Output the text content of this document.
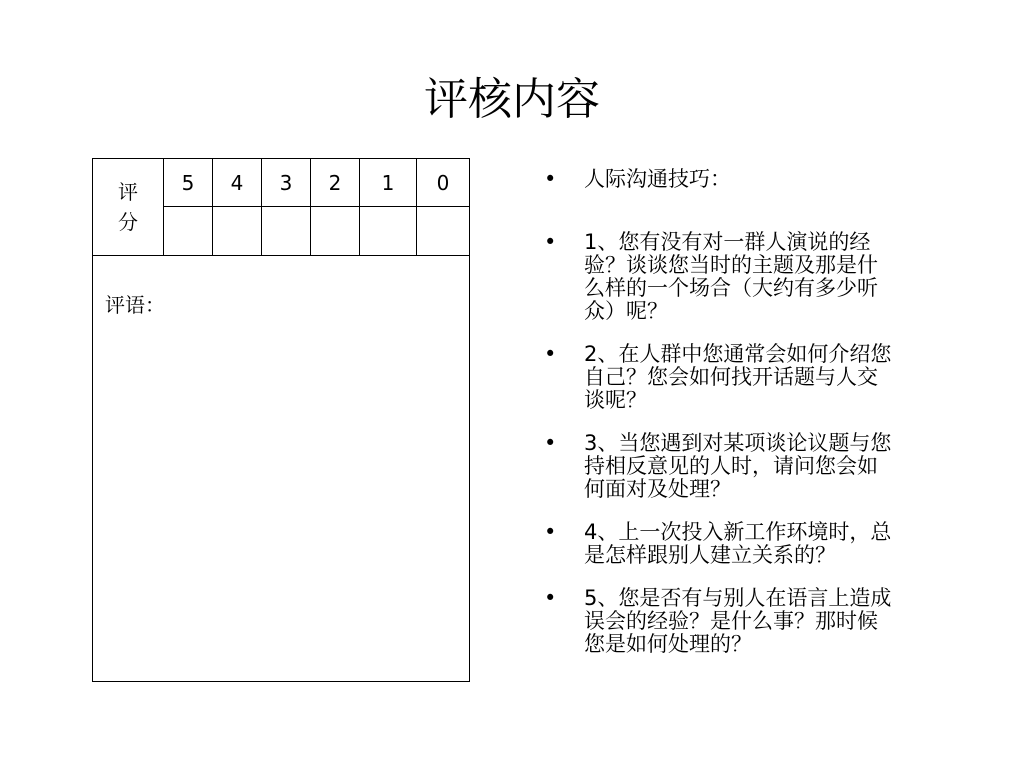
评核内容
评
分	5	4	3	2	1	0

评语：
• 人际沟通技巧：
• 1、您有没有对一群人演说的经验？谈谈您当时的主题及那是什么样的一个场合（大约有多少听众）呢？
• 2、在人群中您通常会如何介绍您自己？您会如何找开话题与人交谈呢？
• 3、当您遇到对某项谈论议题与您持相反意见的人时，请问您会如何面对及处理？
• 4、上一次投入新工作环境时，总是怎样跟别人建立关系的？
• 5、您是否有与别人在语言上造成误会的经验？是什么事？那时候您是如何处理的？
